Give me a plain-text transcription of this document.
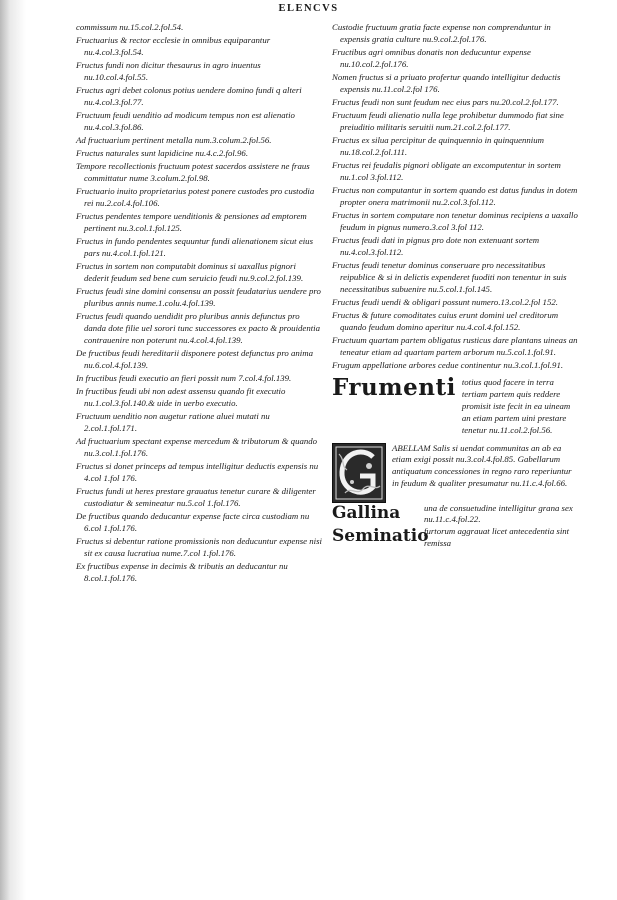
ELENCVS
commissum nu.15.col.2.fol.54.
Fructuarius & rector ecclesie in omnibus equiparantur nu.4.col.3.fol.54.
Fructus fundi non dicitur thesaurus in agro inuentus nu.10.col.4.fol.55.
Fructus agri debet colonus potius uendere domino fundi q alteri nu.4.col.3.fol.77.
Fructuum feudi uenditio ad modicum tempus non est alienatio nu.4.col.3.fol.86.
Ad fructuarium pertinent metalla num.3.colum.2.fol.56.
Fructus naturales sunt lapidicine nu.4.c.2.fol.96.
Tempore recollectionis fructuum potest sacerdos assistere ne fraus committatur nume 3.colum.2.fol.98.
Fructuario inuito proprietarius potest ponere custodes pro custodia rei nu.2.col.4.fol.106.
Fructus pendentes tempore uenditionis & pensiones ad emptorem pertinent nu.3.col.1.fol.125.
Fructus in fundo pendentes sequuntur fundi alienationem sicut eius pars nu.4.col.1.fol.121.
Fructus in sortem non computabit dominus si uaxallus pignori dederit feudum sed bene cum seruicio feudi nu.9.col.2.fol.139.
Fructus feudi sine domini consensu an possit feudatarius uendere pro pluribus annis nume.1.colu.4.fol.139.
Fructus feudi quando uendidit pro pluribus annis defunctus pro danda dote filie uel sorori tunc successores ex pacto & prouidentia contrauenire non poterunt nu.4.col.4.fol.139.
De fructibus feudi hereditarii disponere potest defunctus pro anima nu.6.col.4.fol.139.
In fructibus feudi executio an fieri possit num 7.col.4.fol.139.
In fructibus feudi ubi non adest assensu quando fit executio nu.1.col.3.fol.140.& uide in uerbo executio.
Fructuum uenditio non augetur ratione aluei mutati nu 2.col.1.fol.171.
Ad fructuarium spectant expense mercedum & tributorum & quando nu.3.col.1.fol.176.
Fructus si donet princeps ad tempus intelligitur deductis expensis nu 4.col 1.fol 176.
Fructus fundi ut heres prestare grauatus tenetur curare & diligenter custodiatur & semineatur nu.5.col 1.fol.176.
De fructibus quando deducantur expense facte circa custodiam nu 6.col 1.fol.176.
Fructus si debentur ratione promissionis non deducuntur expense nisi sit ex causa lucratiua nume.7.col 1.fol.176.
Ex fructibus expense in decimis & tributis an deducantur nu 8.col.1.fol.176.
Custodie fructuum gratia facte expense non comprenduntur in expensis gratia culture nu.9.col.2.fol.176.
Fructibus agri omnibus donatis non deducuntur expense nu.10.col.2.fol.176.
Nomen fructus si a priuato profertur quando intelligitur deductis expensis nu.11.col.2.fol 176.
Fructus feudi non sunt feudum nec eius pars nu.20.col.2.fol.177.
Fructuum feudi alienatio nulla lege prohibetur dummodo fiat sine preiuditio militaris seruitii num.21.col.2.fol.177.
Fructus ex silua percipitur de quinquennio in quinquennium nu.18.col.2.fol.111.
Fructus rei feudalis pignori obligate an excomputentur in sortem nu.1.col 3.fol.112.
Fructus non computantur in sortem quando est datus fundus in dotem propter onera matrimonii nu.2.col.3.fol.112.
Fructus in sortem computare non tenetur dominus recipiens a uaxallo feudum in pignus numero.3.col 3.fol 112.
Fructus feudi dati in pignus pro dote non extenuant sortem nu.4.col.3.fol.112.
Fructus feudi tenetur dominus conseruare pro necessitatibus reipublice & si in delictis expenderet fuoditi non tenentur in suis necessitatibus subuenire nu.5.col.1.fol.145.
Fructus feudi uendi & obligari possunt numero.13.col.2.fol 152.
Fructus & future comoditates cuius erunt domini uel creditorum quando feudum domino aperitur nu.4.col.4.fol.152.
Fructuum quartam partem obligatus rusticus dare plantans uineas an teneatur etiam ad quartam partem arborum nu.5.col.1.fol.91.
Frugum appellatione arbores cedue continentur nu.3.col.1.fol.91.
Frumenti totius quod facere in terra tertiam partem quis reddere promisit iste fecit in ea uineam an etiam partem uini prestare tenetur nu.11.col.2.fol.56.
ABELLAM Salis si uendat communitas an ab ea etiam exigi possit nu.3.col.4.fol.85. Gabellarum antiquatum concessiones in regno raro reperiuntur in feudum & qualiter presumatur nu.11.c.4.fol.66.
Gallina	una de consuetudine intelligitur grana sex nu.11.c.4.fol.22.
Seminatio
furtorum aggrauat licet antecedentia sint remissa
